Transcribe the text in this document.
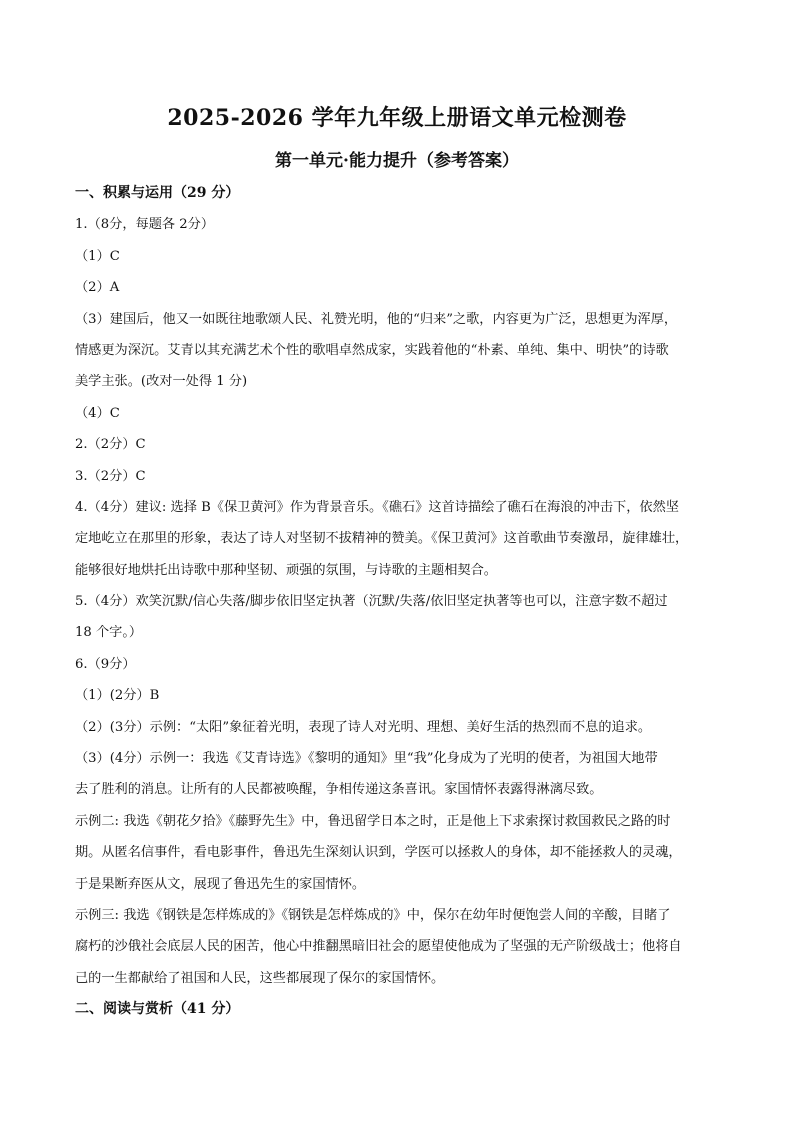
2025-2026 学年九年级上册语文单元检测卷
第一单元·能力提升（参考答案）
一、积累与运用（29 分）
1.（8分，每题各 2分）
（1）C
（2）A
（3）建国后，他又一如既往地歌颂人民、礼赞光明，他的“归来”之歌，内容更为广泛，思想更为浑厚，
情感更为深沉。艾青以其充满艺术个性的歌唱卓然成家，实践着他的“朴素、单纯、集中、明快”的诗歌
美学主张。(改对一处得 1 分)
（4）C
2.（2分）C
3.（2分）C
4.（4分）建议: 选择 B《保卫黄河》作为背景音乐。《礁石》这首诗描绘了礁石在海浪的冲击下，依然坚
定地屹立在那里的形象，表达了诗人对坚韧不拔精神的赞美。《保卫黄河》这首歌曲节奏激昂，旋律雄壮，
能够很好地烘托出诗歌中那种坚韧、顽强的氛围，与诗歌的主题相契合。
5.（4分）欢笑沉默/信心失落/脚步依旧坚定执著（沉默/失落/依旧坚定执著等也可以，注意字数不超过
18 个字。）
6.（9分）
（1）(2分）B
（2）(3分）示例：“太阳”象征着光明，表现了诗人对光明、理想、美好生活的热烈而不息的追求。
（3）(4分）示例一：我选《艾青诗选》《黎明的通知》里“我”化身成为了光明的使者，为祖国大地带
去了胜利的消息。让所有的人民都被唤醒，争相传递这条喜讯。家国情怀表露得淋漓尽致。
示例二: 我选《朝花夕拾》《藤野先生》中，鲁迅留学日本之时，正是他上下求索探讨救国救民之路的时
期。从匿名信事件，看电影事件，鲁迅先生深刻认识到，学医可以拯救人的身体，却不能拯救人的灵魂，
于是果断弃医从文，展现了鲁迅先生的家国情怀。
示例三: 我选《钢铁是怎样炼成的》《钢铁是怎样炼成的》中，保尔在幼年时便饱尝人间的辛酸，目睹了
腐朽的沙俄社会底层人民的困苦，他心中推翻黑暗旧社会的愿望使他成为了坚强的无产阶级战士；他将自
己的一生都献给了祖国和人民，这些都展现了保尔的家国情怀。
二、阅读与赏析（41 分）
